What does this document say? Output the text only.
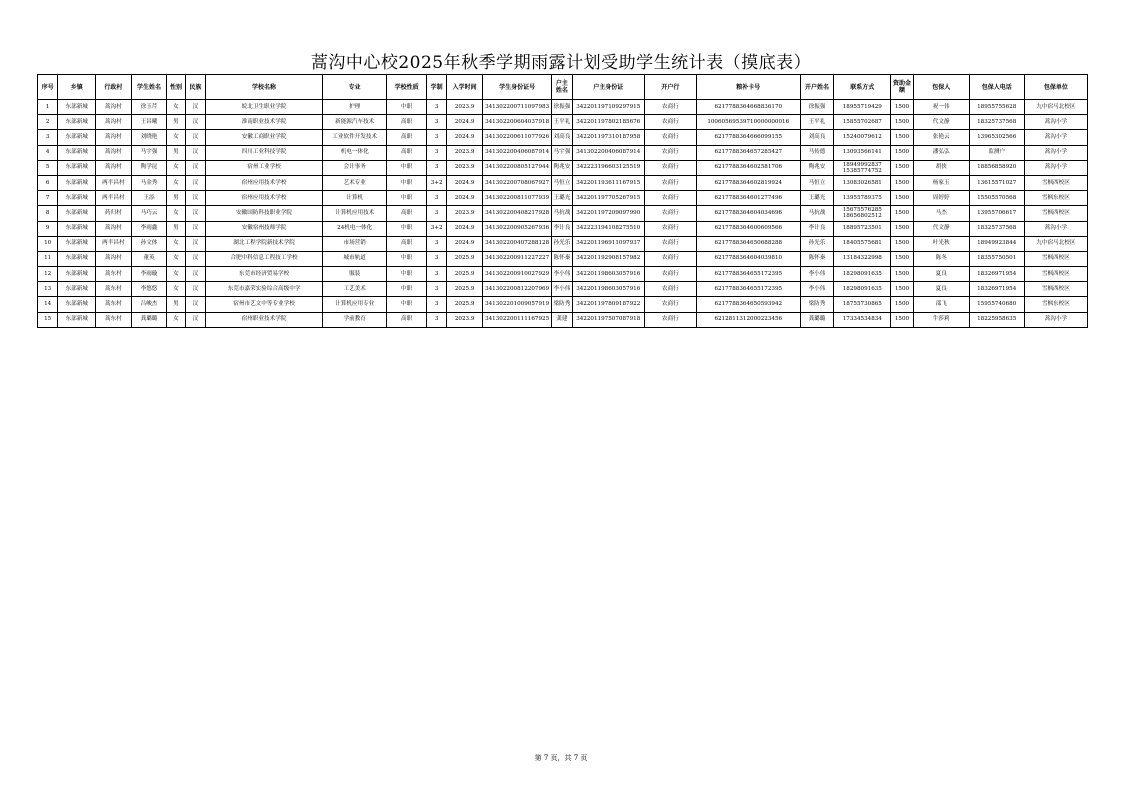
蒿沟中心校2025年秋季学期雨露计划受助学生统计表（摸底表）
序号	乡镇	行政村	学生姓名	性别	民族	学校名称	专业	学校性质	学制	入学时间	学生身份证号	户主姓名	户主身份证	开户行	粮补卡号	开户姓名	联系方式	资助金额	包保人	包保人电话	包保单位
1	东部新城	蒿沟村	徐玉芹	女	汉	皖北卫生职业学院	护理	中职	3	2023.9	341302200711097983	徐振强	342201197109297915	农商行	6217788364668836170	徐振强	18955719429	1500	祝一伟	18955755628	九中宿马北校区
2	东部新城	蒿沟村	王昌曦	男	汉	淮南职业技术学院	新能源汽车技术	高职	3	2024.9	341302200604037918	王平礼	342201197802185676	农商行	10060569539710000000016	王平礼	15855702687	1500	代文静	18325737568	蒿沟小学
3	东部新城	蒿沟村	刘晓艳	女	汉	安徽工商职业学院	工业软件开发技术	高职	3	2024.9	341302200611077926	刘高良	342201197310187958	农商行	6217788364666099155	刘高良	15240079612	1500	张艳云	13965302566	蒿沟小学
4	东部新城	蒿沟村	马宇强	男	汉	四川工业科技学院	机电一体化	高职	3	2023.9	341302200406087914	马宇强	341302200406087914	农商行	6217788364657285427	马传德	13093566141	1500	潘弘弘	监测户	蒿沟小学
5	东部新城	蒿沟村	陶学昆	女	汉	宿州工业学校	会计事务	中职	3	2023.9	341302200805127944	陶兆安	342223196603125519	农商行	6217788364602581706	陶兆安	18949992837 15385774752	1500	胡侠	18856858920	蒿沟小学
6	东部新城	两半昌村	马金秀	女	汉	宿州应用技术学校	艺术专业	中职	3+2	2024.9	341302200708067927	马恒立	342201193611167915	农商行	6217788364602819924	马恒立	13083026581	1500	杨家玉	13615571027	雪枫西校区
7	东部新城	两半昌村	王添	男	汉	宿州应用技术学校	计算机	中职	3	2024.9	341302200811077939	王璐光	342201197705267915	农商行	6217788364601277496	王璐光	13955789375	1500	周婷婷	15505570568	雪枫东校区
8	东部新城	药归村	马巧云	女	汉	安徽国防科技职业学院	计算机应用技术	高职	3	2023.9	341302200408217928	马抗战	342201197209097990	农商行	6217788364604034696	马抗战	15675576285 18656802512	1500	马杰	13955706617	雪枫西校区
9	东部新城	蒿沟村	李雨鑫	男	汉	安徽宿州技师学院	24机电一体化	中职	3+2	2024.9	341302200905267936	李计良	342223194108275510	农商行	6217788364600609566	李计良	18895723501	1500	代文静	18325737568	蒿沟小学
10	东部新城	两半昌村	孙文体	女	汉	湖北工程学院新技术学院	市场营销	高职	3	2024.9	341302200407288128	孙光乐	342201196911097937	农商行	6217788364650688288	孙光乐	18405575681	1500	叶光秋	18949923844	九中宿马北校区
11	东部新城	蒿沟村	董英	女	汉	合肥中科信息工程技工学校	城市轨道	中职	3	2025.9	341302200911227227	陈怀秦	342201192908157982	农商行	6217788364604039810	陈怀秦	13184322998	1500	陈冬	18355750501	雪枫西校区
12	东部新城	蒿东村	李雨璇	女	汉	东莞市经济贸易学校	服装	中职	3	2025.9	341302200910027929	李小伟	342201198603057916	农商行	6217788364655172395	李小伟	18298091635	1500	夏良	18326971954	雪枫西校区
13	东部新城	蒿东村	李悠悠	女	汉	东莞市嘉荣实验综合高级中学	工艺美术	中职	3	2025.9	341302200812207969	李小伟	342201198603057916	农商行	6217788364655172395	李小伟	18298091635	1500	夏良	18326971954	雪枫西校区
14	东部新城	蒿东村	吕峻杰	男	汉	宿州市艺文中等专业学校	计算机应用专业	中职	3	2025.9	341302201009057919	梁防秀	342201197809187922	农商行	6217788364650593942	梁防秀	18755730865	1500	邵飞	15955740680	雪枫东校区
15	东部新城	蒿东村	龚璐璐	女	汉	宿州职业技术学院	学前教育	高职	3	2023.9	341302200111167925	龚建	342201197507087918	农商行	6212811312000223456	龚璐璐	17334534834	1500	牛莎莉	18225958635	蒿沟小学
第 7 页，共 7 页
